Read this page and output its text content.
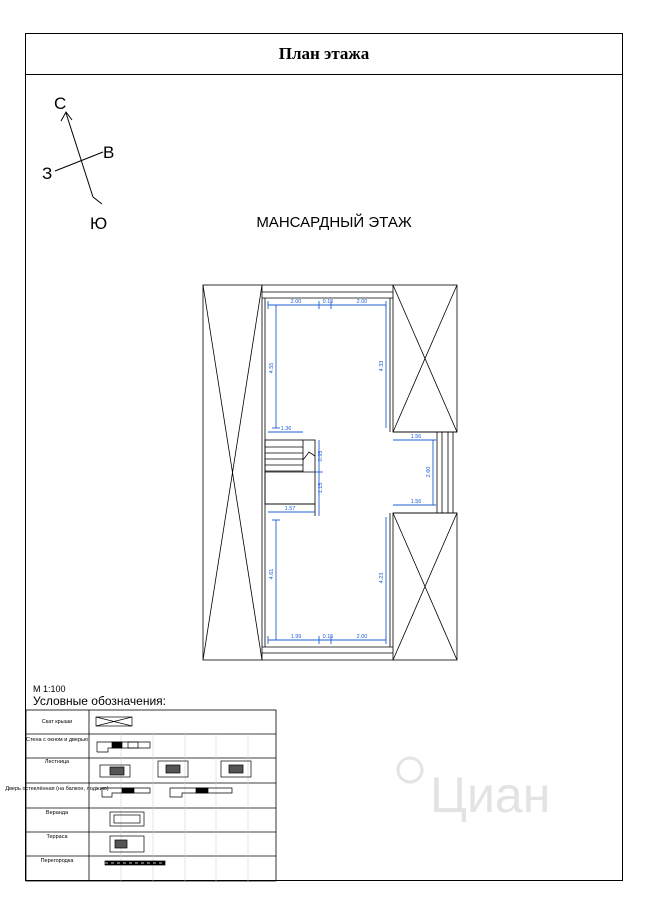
План этажа
С
В
З
Ю	МАНСАРДНЫЙ ЭТАЖ
2.00	0.15	2.00
4.55	4.33
1.36
0.95
1.15
1.57
1.56
2.60
1.56
4.61	4.23
1.99	0.15	2.00
М 1:100
Условные обозначения:
Скат крыши
Стена с окном и дверью
Лестница
Дверь остеклённая (на балкон, лоджию)
Веранда
Терраса
Перегородка
Циан
